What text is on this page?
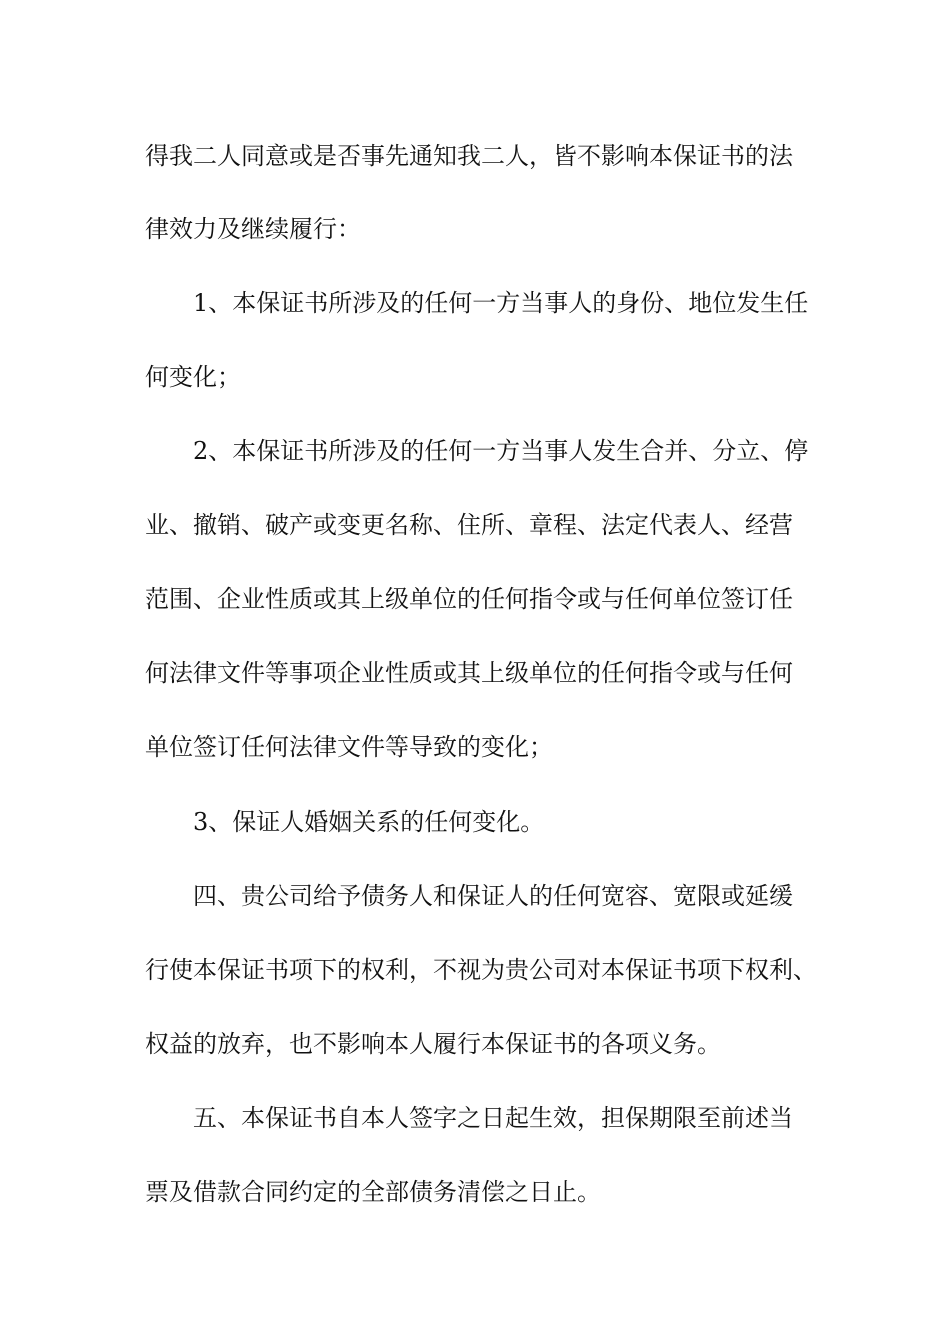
得我二人同意或是否事先通知我二人，皆不影响本保证书的法
律效力及继续履行：
1、本保证书所涉及的任何一方当事人的身份、地位发生任
何变化；
2、本保证书所涉及的任何一方当事人发生合并、分立、停
业、撤销、破产或变更名称、住所、章程、法定代表人、经营
范围、企业性质或其上级单位的任何指令或与任何单位签订任
何法律文件等事项企业性质或其上级单位的任何指令或与任何
单位签订任何法律文件等导致的变化；
3、保证人婚姻关系的任何变化。
四、贵公司给予债务人和保证人的任何宽容、宽限或延缓
行使本保证书项下的权利，不视为贵公司对本保证书项下权利、
权益的放弃，也不影响本人履行本保证书的各项义务。
五、本保证书自本人签字之日起生效，担保期限至前述当
票及借款合同约定的全部债务清偿之日止。
